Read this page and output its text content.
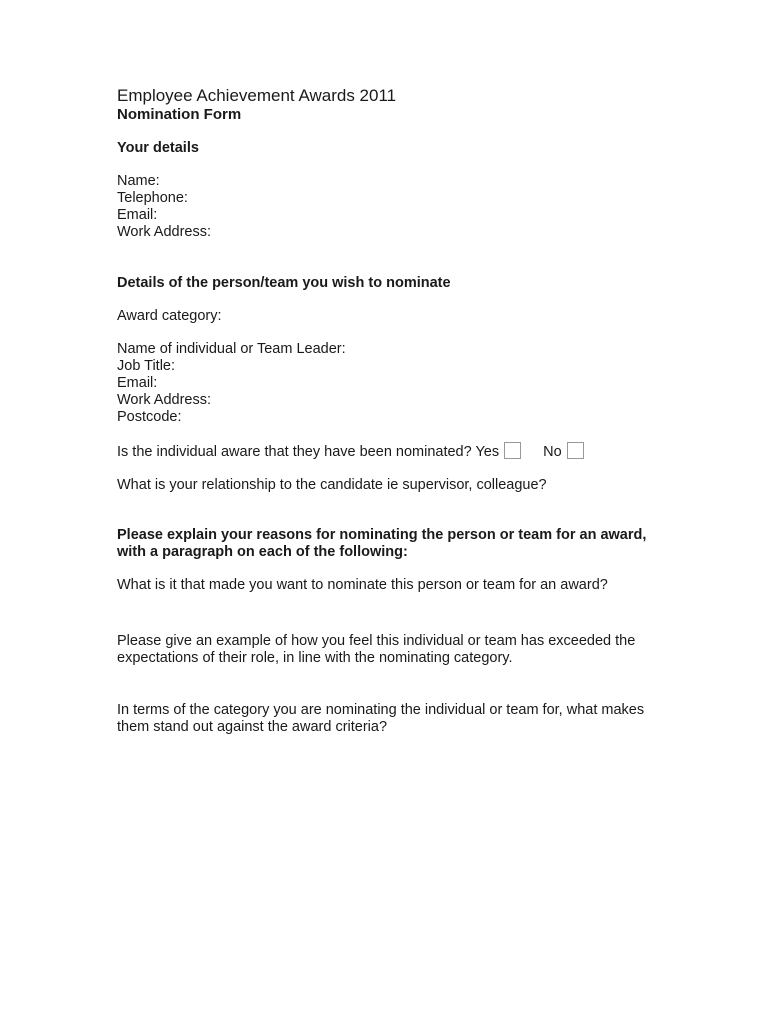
Employee Achievement Awards 2011

Nomination Form

Your details

Name:

Telephone:

Email:

Work Address:

Details of the person/team you wish to nominate

Award category:

Name of individual or Team Leader:

Job Title:

Email:

Work Address:

Postcode:

Is the individual aware that they have been nominated? Yes	No

What is your relationship to the candidate ie supervisor, colleague?

Please explain your reasons for nominating the person or team for an award, with a paragraph on each of the following:

What is it that made you want to nominate this person or team for an award?

Please give an example of how you feel this individual or team has exceeded the expectations of their role, in line with the nominating category.

In terms of the category you are nominating the individual or team for, what makes them stand out against the award criteria?
